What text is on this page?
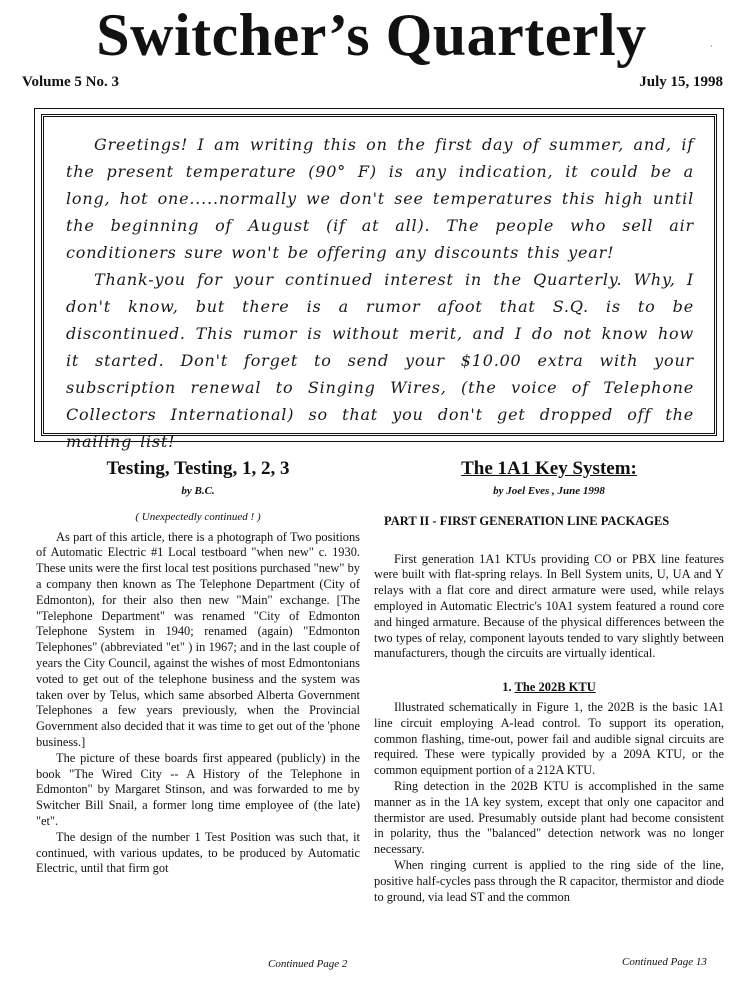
Switcher’s Quarterly	·
Volume 5 No. 3	July 15, 1998

Greetings! I am writing this on the first day of summer, and, if the present temperature (90° F) is any indication, it could be a long, hot one.....normally we don't see temperatures this high until the beginning of August (if at all). The people who sell air conditioners sure won't be offering any discounts this year!

Thank-you for your continued interest in the Quarterly. Why, I don't know, but there is a rumor afoot that S.Q. is to be discontinued. This rumor is without merit, and I do not know how it started. Don't forget to send your $10.00 extra with your subscription renewal to Singing Wires, (the voice of Telephone Collectors International) so that you don't get dropped off the mailing list!

Testing, Testing, 1, 2, 3
by B.C.
( Unexpectedly continued ! )

As part of this article, there is a photograph of Two positions of Automatic Electric #1 Local testboard "when new" c. 1930. These units were the first local test positions purchased "new" by a company then known as The Telephone Department (City of Edmonton), for their also then new "Main" exchange. [The "Telephone Department" was renamed "City of Edmonton Telephone System in 1940; renamed (again) "Edmonton Telephones" (abbreviated "et" ) in 1967; and in the last couple of years the City Council, against the wishes of most Edmontonians voted to get out of the telephone business and the system was taken over by Telus, which same absorbed Alberta Government Telephones a few years previously, when the Provincial Government also decided that it was time to get out of the 'phone business.]

The picture of these boards first appeared (publicly) in the book "The Wired City -- A History of the Telephone in Edmonton" by Margaret Stinson, and was forwarded to me by Switcher Bill Snail, a former long time employee of (the late) "et".

The design of the number 1 Test Position was such that, it continued, with various updates, to be produced by Automatic Electric, until that firm got

The 1A1 Key System:
by Joel Eves , June 1998
PART II - FIRST GENERATION LINE PACKAGES

First generation 1A1 KTUs providing CO or PBX line features were built with flat-spring relays. In Bell System units, U, UA and Y relays with a flat core and direct armature were used, while relays employed in Automatic Electric's 10A1 system featured a round core and hinged armature. Because of the physical differences between the two types of relay, component layouts tended to vary slightly between manufacturers, though the circuits are virtually identical.

1. The 202B KTU

Illustrated schematically in Figure 1, the 202B is the basic 1A1 line circuit employing A-lead control. To support its operation, common flashing, time-out, power fail and audible signal circuits are required. These were typically provided by a 209A KTU, or the common equipment portion of a 212A KTU.

Ring detection in the 202B KTU is accomplished in the same manner as in the 1A key system, except that only one capacitor and thermistor are used. Presumably outside plant had become consistent in polarity, thus the "balanced" detection network was no longer necessary.

When ringing current is applied to the ring side of the line, positive half-cycles pass through the R capacitor, thermistor and diode to ground, via lead ST and the common

Continued Page 2	Continued Page 13
